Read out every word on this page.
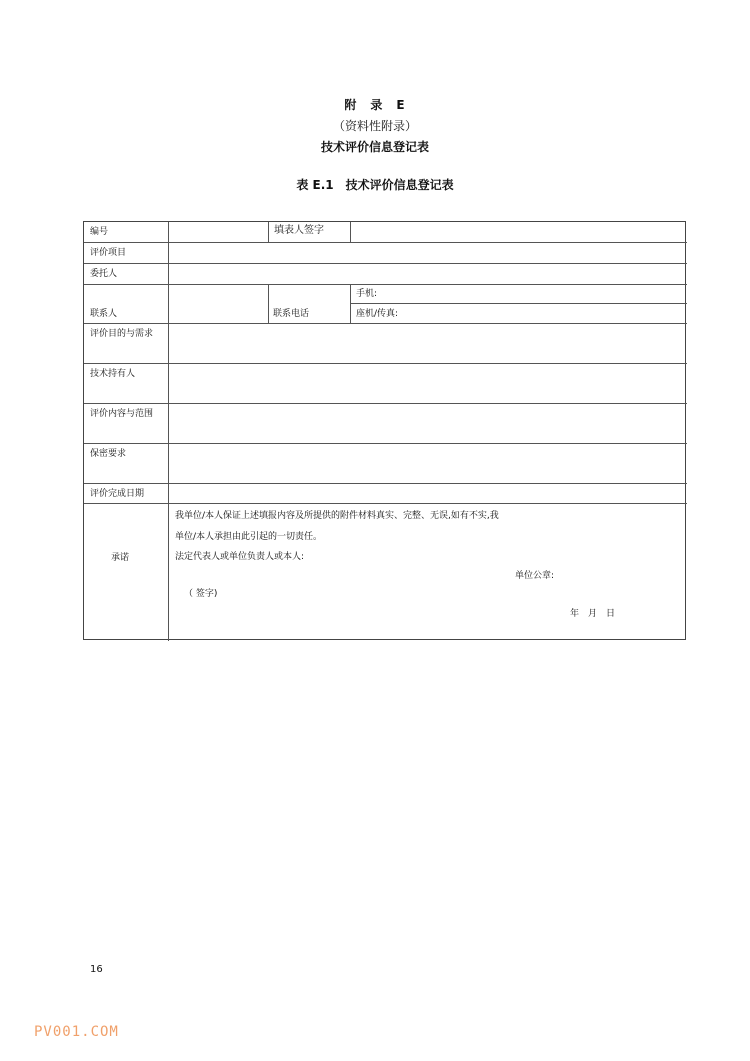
附　录　E
（资料性附录）
技术评价信息登记表
表 E.1　技术评价信息登记表
编号	填表人签字
评价项目
委托人
联系人	联系电话
手机:
座机/传真:
评价目的与需求
技术持有人
评价内容与范围
保密要求
评价完成日期
承诺
我单位/本人保证上述填报内容及所提供的附件材料真实、完整、无误,如有不实,我
单位/本人承担由此引起的一切责任。
法定代表人或单位负责人或本人:
单位公章:
（ 签字)
年　月　日
16
PV001.COM
